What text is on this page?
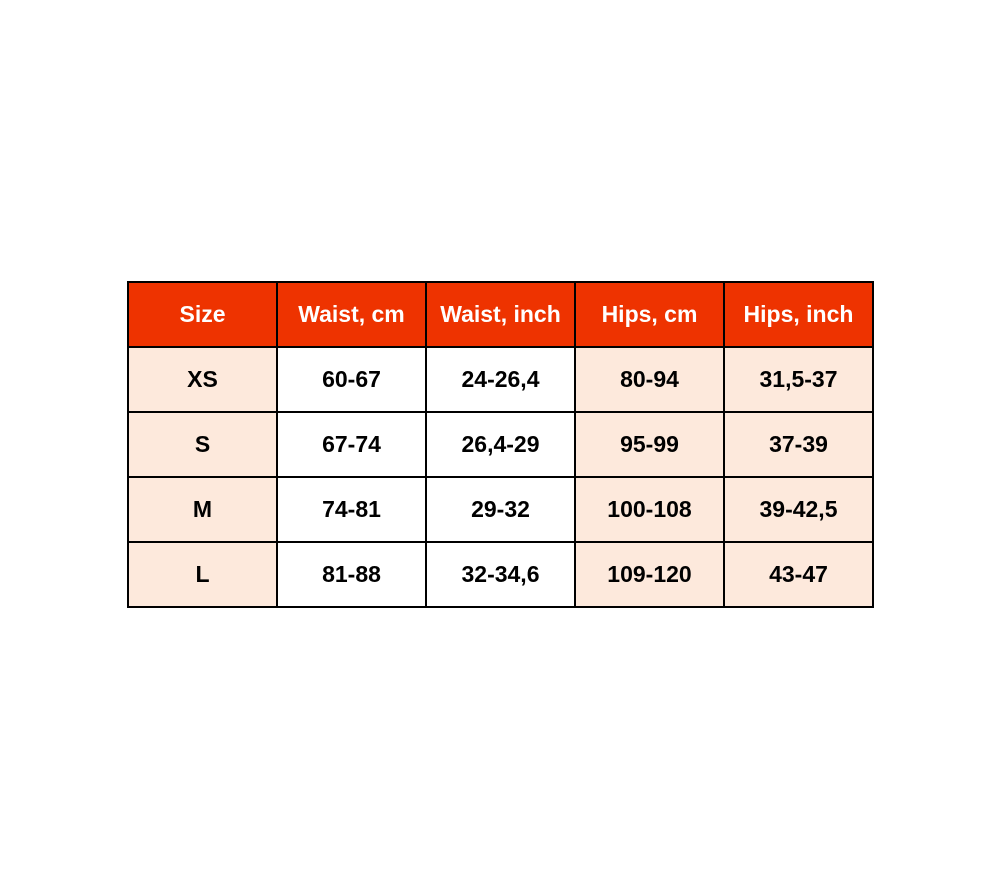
Size	Waist, cm	Waist, inch	Hips, cm	Hips, inch
XS	60-67	24-26,4	80-94	31,5-37
S	67-74	26,4-29	95-99	37-39
M	74-81	29-32	100-108	39-42,5
L	81-88	32-34,6	109-120	43-47
